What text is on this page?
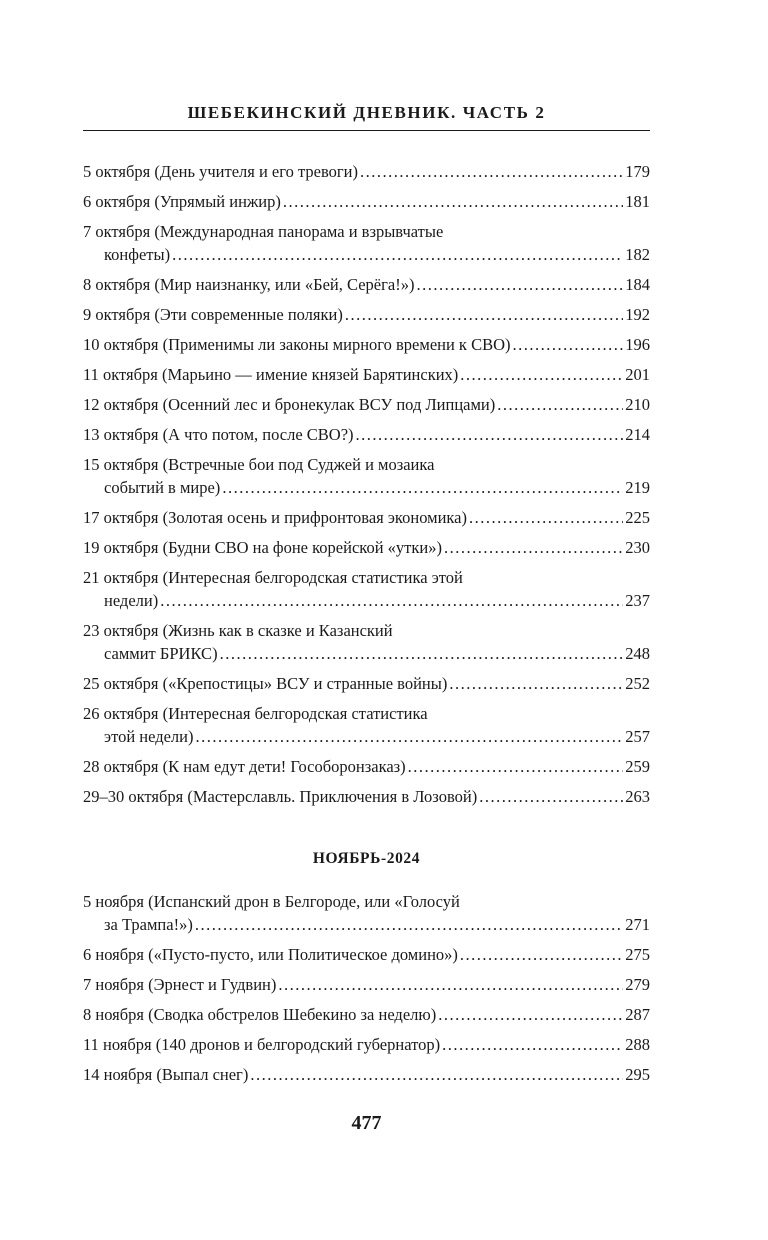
ШЕБЕКИНСКИЙ ДНЕВНИК. ЧАСТЬ 2
5 октября (День учителя и его тревоги) .....	179
6 октября (Упрямый инжир) .....	181
7 октября (Международная панорама и взрывчатые
конфеты) .....	182
8 октября (Мир наизнанку, или «Бей, Серёга!») .....	184
9 октября (Эти современные поляки) .....	192
10 октября (Применимы ли законы мирного времени к СВО) .....	196
11 октября (Марьино — имение князей Барятинских) .....	201
12 октября (Осенний лес и бронекулак ВСУ под Липцами) .....	210
13 октября (А что потом, после СВО?) .....	214
15 октября (Встречные бои под Суджей и мозаика
событий в мире) .....	219
17 октября (Золотая осень и прифронтовая экономика) .....	225
19 октября (Будни СВО на фоне корейской «утки») .....	230
21 октября (Интересная белгородская статистика этой
недели) .....	237
23 октября (Жизнь как в сказке и Казанский
саммит БРИКС) .....	248
25 октября («Крепостицы» ВСУ и странные войны) .....	252
26 октября (Интересная белгородская статистика
этой недели) .....	257
28 октября (К нам едут дети! Гособоронзаказ) .....	259
29–30 октября (Мастерславль. Приключения в Лозовой) .....	263
НОЯБРЬ-2024
5 ноября (Испанский дрон в Белгороде, или «Голосуй
за Трампа!») .....	271
6 ноября («Пусто-пусто, или Политическое домино») .....	275
7 ноября (Эрнест и Гудвин) .....	279
8 ноября (Сводка обстрелов Шебекино за неделю) .....	287
11 ноября (140 дронов и белгородский губернатор) .....	288
14 ноября (Выпал снег) .....	295
477
